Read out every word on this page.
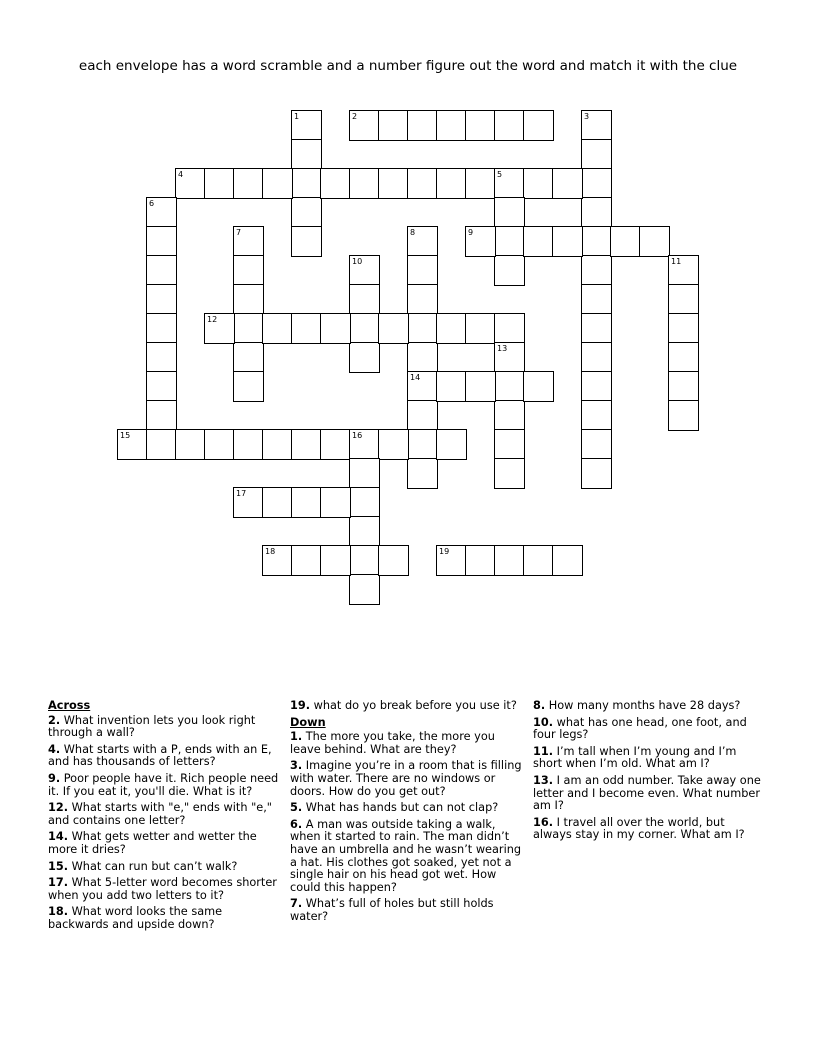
each envelope has a word scramble and a number figure out the word and match it with the clue
1	2	3
4	5
6
7	8
14
9
10	11
12
13
15	16
17
18	19
Across
2. What invention lets you look right through a wall?
4. What starts with a P, ends with an E, and has thousands of letters?
9. Poor people have it. Rich people need it. If you eat it, you'll die. What is it?
12. What starts with "e," ends with "e," and contains one letter?
14. What gets wetter and wetter the more it dries?
15. What can run but can’t walk?
17. What 5-letter word becomes shorter when you add two letters to it?
18. What word looks the same backwards and upside down?
19. what do yo break before you use it?
Down
1. The more you take, the more you leave behind. What are they?
3. Imagine you’re in a room that is filling with water. There are no windows or doors. How do you get out?
5. What has hands but can not clap?
6. A man was outside taking a walk, when it started to rain. The man didn’t have an umbrella and he wasn’t wearing a hat. His clothes got soaked, yet not a single hair on his head got wet. How could this happen?
7. What’s full of holes but still holds water?
8. How many months have 28 days?
10. what has one head, one foot, and four legs?
11. I’m tall when I’m young and I’m short when I’m old. What am I?
13. I am an odd number. Take away one letter and I become even. What number am I?
16. I travel all over the world, but always stay in my corner. What am I?
